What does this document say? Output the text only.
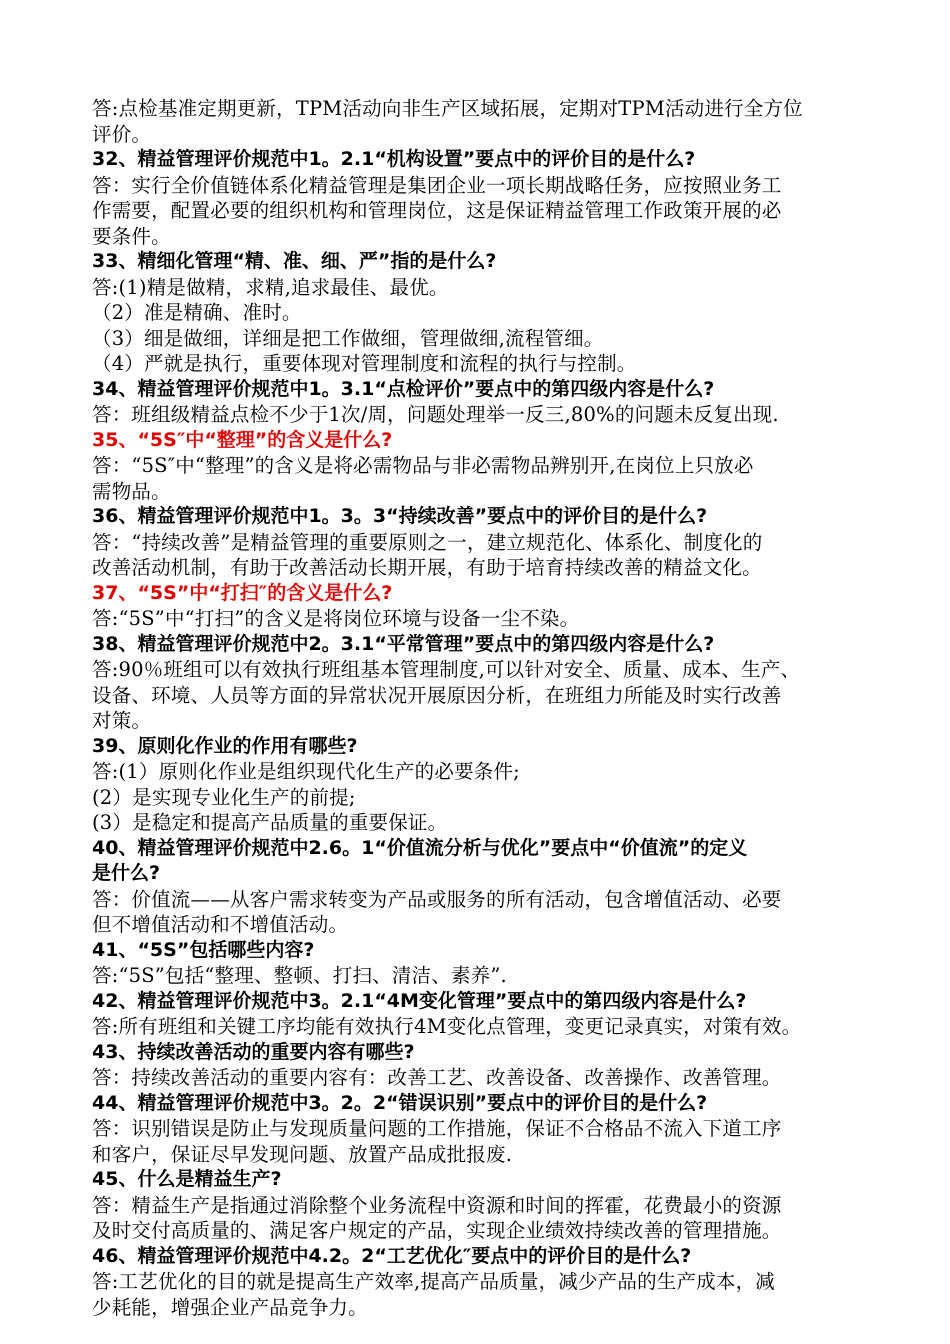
答:点检基准定期更新，TPM活动向非生产区域拓展，定期对TPM活动进行全方位
评价。
32、精益管理评价规范中1。2.1“机构设置”要点中的评价目的是什么?
答：实行全价值链体系化精益管理是集团企业一项长期战略任务，应按照业务工
作需要，配置必要的组织机构和管理岗位，这是保证精益管理工作政策开展的必
要条件。
33、精细化管理“精、准、细、严”指的是什么?
答:(1)精是做精，求精,追求最佳、最优。
（2）准是精确、准时。
（3）细是做细，详细是把工作做细，管理做细,流程管细。
（4）严就是执行，重要体现对管理制度和流程的执行与控制。
34、精益管理评价规范中1。3.1“点检评价”要点中的第四级内容是什么?
答：班组级精益点检不少于1次/周，问题处理举一反三,80%的问题未反复出现.
35、“5S″中“整理”的含义是什么?
答：“5S″中“整理”的含义是将必需物品与非必需物品辨别开,在岗位上只放必
需物品。
36、精益管理评价规范中1。3。3“持续改善”要点中的评价目的是什么?
答：“持续改善”是精益管理的重要原则之一，建立规范化、体系化、制度化的
改善活动机制，有助于改善活动长期开展，有助于培育持续改善的精益文化。
37、“5S”中“打扫″的含义是什么?
答:“5S”中“打扫”的含义是将岗位环境与设备一尘不染。
38、精益管理评价规范中2。3.1“平常管理”要点中的第四级内容是什么?
答:90％班组可以有效执行班组基本管理制度,可以针对安全、质量、成本、生产、
设备、环境、人员等方面的异常状况开展原因分析，在班组力所能及时实行改善
对策。
39、原则化作业的作用有哪些?
答:(1）原则化作业是组织现代化生产的必要条件;
(2）是实现专业化生产的前提;
(3）是稳定和提高产品质量的重要保证。
40、精益管理评价规范中2.6。1“价值流分析与优化”要点中“价值流”的定义
是什么?
答：价值流——从客户需求转变为产品或服务的所有活动，包含增值活动、必要
但不增值活动和不增值活动。
41、“5S”包括哪些内容?
答:“5S”包括“整理、整顿、打扫、清洁、素养”.
42、精益管理评价规范中3。2.1“4M变化管理”要点中的第四级内容是什么?
答:所有班组和关键工序均能有效执行4M变化点管理，变更记录真实，对策有效。
43、持续改善活动的重要内容有哪些?
答：持续改善活动的重要内容有：改善工艺、改善设备、改善操作、改善管理。
44、精益管理评价规范中3。2。2“错误识别”要点中的评价目的是什么?
答：识别错误是防止与发现质量问题的工作措施，保证不合格品不流入下道工序
和客户，保证尽早发现问题、放置产品成批报废.
45、什么是精益生产?
答：精益生产是指通过消除整个业务流程中资源和时间的挥霍，花费最小的资源
及时交付高质量的、满足客户规定的产品，实现企业绩效持续改善的管理措施。
46、精益管理评价规范中4.2。2“工艺优化″要点中的评价目的是什么?
答:工艺优化的目的就是提高生产效率,提高产品质量，减少产品的生产成本，减
少耗能，增强企业产品竞争力。
